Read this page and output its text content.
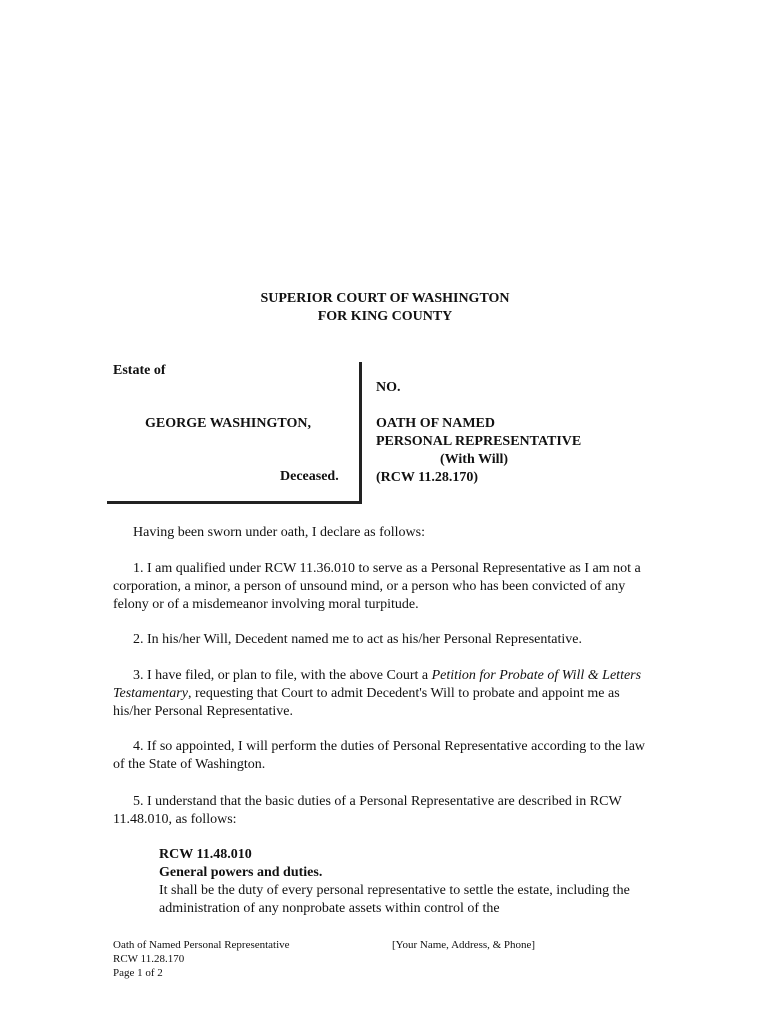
SUPERIOR COURT OF WASHINGTON
FOR KING COUNTY
Estate of
GEORGE WASHINGTON,
Deceased.
NO.
OATH OF NAMED
PERSONAL REPRESENTATIVE
(With Will)
(RCW 11.28.170)

Having been sworn under oath, I declare as follows:

1. I am qualified under RCW 11.36.010 to serve as a Personal Representative as I am not a corporation, a minor, a person of unsound mind, or a person who has been convicted of any felony or of a misdemeanor involving moral turpitude.

2. In his/her Will, Decedent named me to act as his/her Personal Representative.

3. I have filed, or plan to file, with the above Court a Petition for Probate of Will & Letters Testamentary, requesting that Court to admit Decedent's Will to probate and appoint me as his/her Personal Representative.

4. If so appointed, I will perform the duties of Personal Representative according to the law of the State of Washington.

5. I understand that the basic duties of a Personal Representative are described in RCW 11.48.010, as follows:

RCW 11.48.010
General powers and duties.
It shall be the duty of every personal representative to settle the estate, including the administration of any nonprobate assets within control of the
Oath of Named Personal Representative
RCW 11.28.170
Page 1 of 2
[Your Name, Address, & Phone]
